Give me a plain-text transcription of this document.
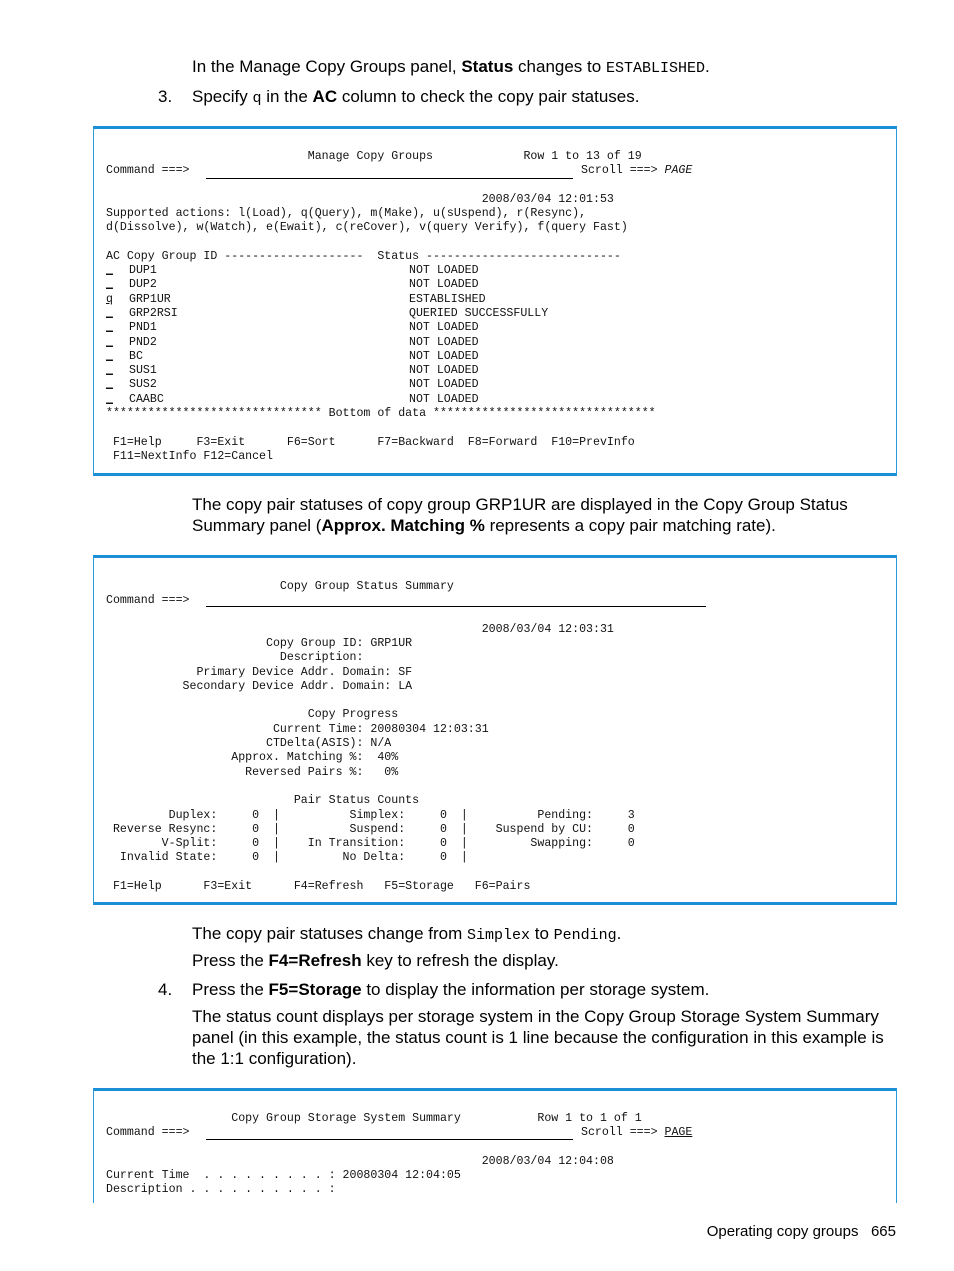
In the Manage Copy Groups panel, Status changes to ESTABLISHED.
3. Specify q in the AC column to check the copy pair statuses.
Manage Copy Groups             Row 1 to 13 of 19
Command ===>	Scroll ===> PAGE
2008/03/04 12:01:53
Supported actions: l(Load), q(Query), m(Make), u(sUspend), r(Resync),
d(Dissolve), w(Watch), e(Ewait), c(reCover), v(query Verify), f(query Fast)
AC Copy Group ID --------------------  Status ----------------------------
_ DUP1	NOT LOADED
_ DUP2	NOT LOADED
q GRP1UR	ESTABLISHED
_ GRP2RSI	QUERIED SUCCESSFULLY
_ PND1	NOT LOADED
_ PND2	NOT LOADED
_ BC	NOT LOADED
_ SUS1	NOT LOADED
_ SUS2	NOT LOADED
_ CAABC	NOT LOADED
******************************* Bottom of data ********************************
F1=Help     F3=Exit      F6=Sort      F7=Backward  F8=Forward  F10=PrevInfo
F11=NextInfo F12=Cancel
The copy pair statuses of copy group GRP1UR are displayed in the Copy Group Status
Summary panel (Approx. Matching % represents a copy pair matching rate).
Copy Group Status Summary
Command ===>
2008/03/04 12:03:31
Copy Group ID: GRP1UR
Description:
Primary Device Addr. Domain: SF
Secondary Device Addr. Domain: LA

Copy Progress
Current Time: 20080304 12:03:31
CTDelta(ASIS): N/A
Approx. Matching %:  40%
Reversed Pairs %:   0%

Pair Status Counts
Duplex:     0  |          Simplex:     0  |          Pending:     3
Reverse Resync:     0  |          Suspend:     0  |    Suspend by CU:     0
V-Split:     0  |    In Transition:     0  |         Swapping:     0
Invalid State:     0  |         No Delta:     0  |
F1=Help      F3=Exit      F4=Refresh   F5=Storage   F6=Pairs
The copy pair statuses change from Simplex to Pending.
Press the F4=Refresh key to refresh the display.
4. Press the F5=Storage to display the information per storage system.
The status count displays per storage system in the Copy Group Storage System Summary
panel (in this example, the status count is 1 line because the configuration in this example is
the 1:1 configuration).
Copy Group Storage System Summary           Row 1 to 1 of 1
Command ===>	Scroll ===> PAGE
2008/03/04 12:04:08
Current Time  . . . . . . . . . : 20080304 12:04:05
Description . . . . . . . . . . :
Operating copy groups 665
